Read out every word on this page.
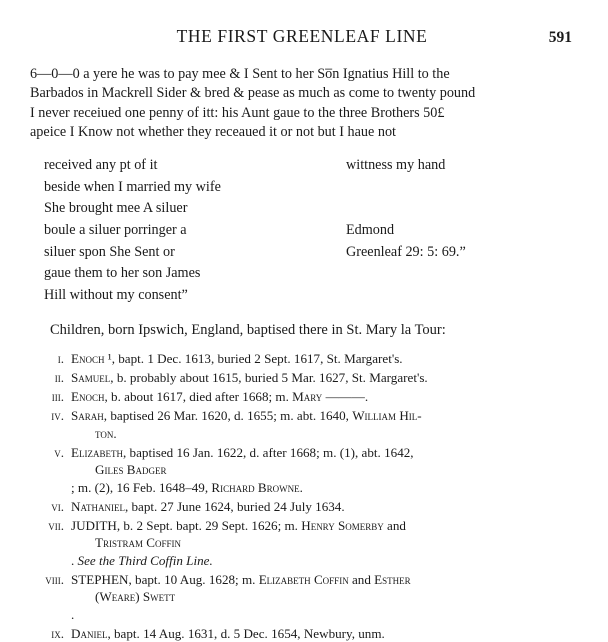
THE FIRST GREENLEAF LINE	591

6—0—0 a yere he was to pay mee & I Sent to her So̅n Ignatius Hill to the

Barbados in Mackrell Sider & bred & pease as much as come to twenty pound

I never receiued one penny of itt: his Aunt gaue to the three Brothers 50£

apeice I Know not whether they receaued it or not but I haue not

received any pt of it
beside when I married my wife
She brought mee A siluer
boule a siluer porringer a
siluer spon She Sent or
gaue them to her son James
Hill without my consent”
wittness my hand
Edmond
Greenleaf 29: 5: 69.”
Children, born Ipswich, England, baptised there in St. Mary la Tour:
i. Enoch ¹, bapt. 1 Dec. 1613, buried 2 Sept. 1617, St. Margaret's.
ii. Samuel, b. probably about 1615, buried 5 Mar. 1627, St. Margaret's.
iii. Enoch, b. about 1617, died after 1668; m. Mary ———.
iv. Sarah, baptised 26 Mar. 1620, d. 1655; m. abt. 1640, William Hil-
ton.
v. Elizabeth, baptised 16 Jan. 1622, d. after 1668; m. (1), abt. 1642,
Giles Badger
; m. (2), 16 Feb. 1648–49, Richard Browne.
vi. Nathaniel, bapt. 27 June 1624, buried 24 July 1634.
vii. JUDITH, b. 2 Sept. bapt. 29 Sept. 1626; m. Henry Somerby and
Tristram Coffin
. See the Third Coffin Line.
viii. STEPHEN, bapt. 10 Aug. 1628; m. Elizabeth Coffin and Esther
(Weare) Swett
.
ix. Daniel, bapt. 14 Aug. 1631, d. 5 Dec. 1654, Newbury, unm.
